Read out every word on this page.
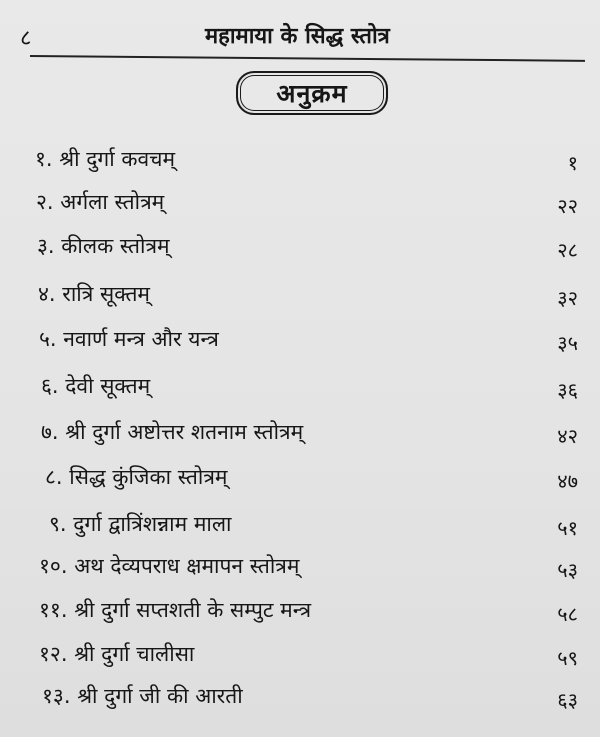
८	महामाया के सिद्ध स्तोत्र
अनुक्रम
१. श्री दुर्गा कवचम्	१
२. अर्गला स्तोत्रम्	२२
३. कीलक स्तोत्रम्	२८
४. रात्रि सूक्तम्	३२
५. नवार्ण मन्त्र और यन्त्र	३५
६. देवी सूक्तम्	३६
७. श्री दुर्गा अष्टोत्तर शतनाम स्तोत्रम्	४२
८. सिद्ध कुंजिका स्तोत्रम्	४७
९. दुर्गा द्वात्रिंशन्नाम माला	५१
१०. अथ देव्यपराध क्षमापन स्तोत्रम्	५३
११. श्री दुर्गा सप्तशती के सम्पुट मन्त्र	५८
१२. श्री दुर्गा चालीसा	५९
१३. श्री दुर्गा जी की आरती	६३
